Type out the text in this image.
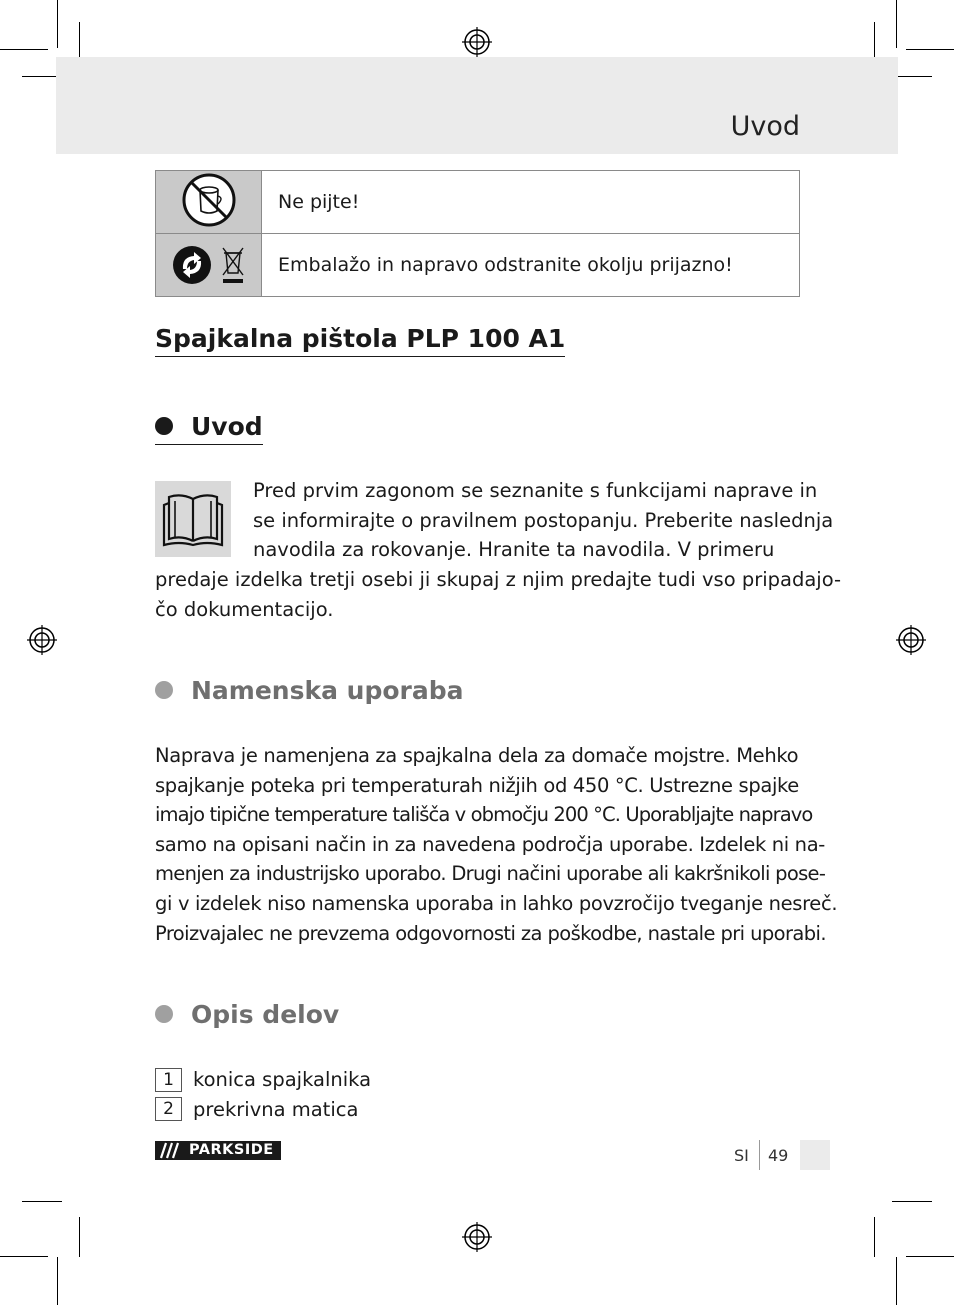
Uvod
	Ne pijte!
	Embalažo in napravo odstranite okolju prijazno!
Spajkalna pištola PLP 100 A1
Uvod
Pred prvim zagonom se seznanite s funkcijami naprave in
se informirajte o pravilnem postopanju. Preberite naslednja
navodila za rokovanje. Hranite ta navodila. V primeru
predaje izdelka tretji osebi ji skupaj z njim predajte tudi vso pripadajo-
čo dokumentacijo.
Namenska uporaba
Naprava je namenjena za spajkalna dela za domače mojstre. Mehko
spajkanje poteka pri temperaturah nižjih od 450 °C. Ustrezne spajke
imajo tipične temperature tališča v območju 200 °C. Uporabljajte napravo
samo na opisani način in za navedena področja uporabe. Izdelek ni na-
menjen za industrijsko uporabo. Drugi načini uporabe ali kakršnikoli pose-
gi v izdelek niso namenska uporaba in lahko povzročijo tveganje nesreč.
Proizvajalec ne prevzema odgovornosti za poškodbe, nastale pri uporabi.
Opis delov
1 konica spajkalnika
2 prekrivna matica
PARKSIDE	SI 49
